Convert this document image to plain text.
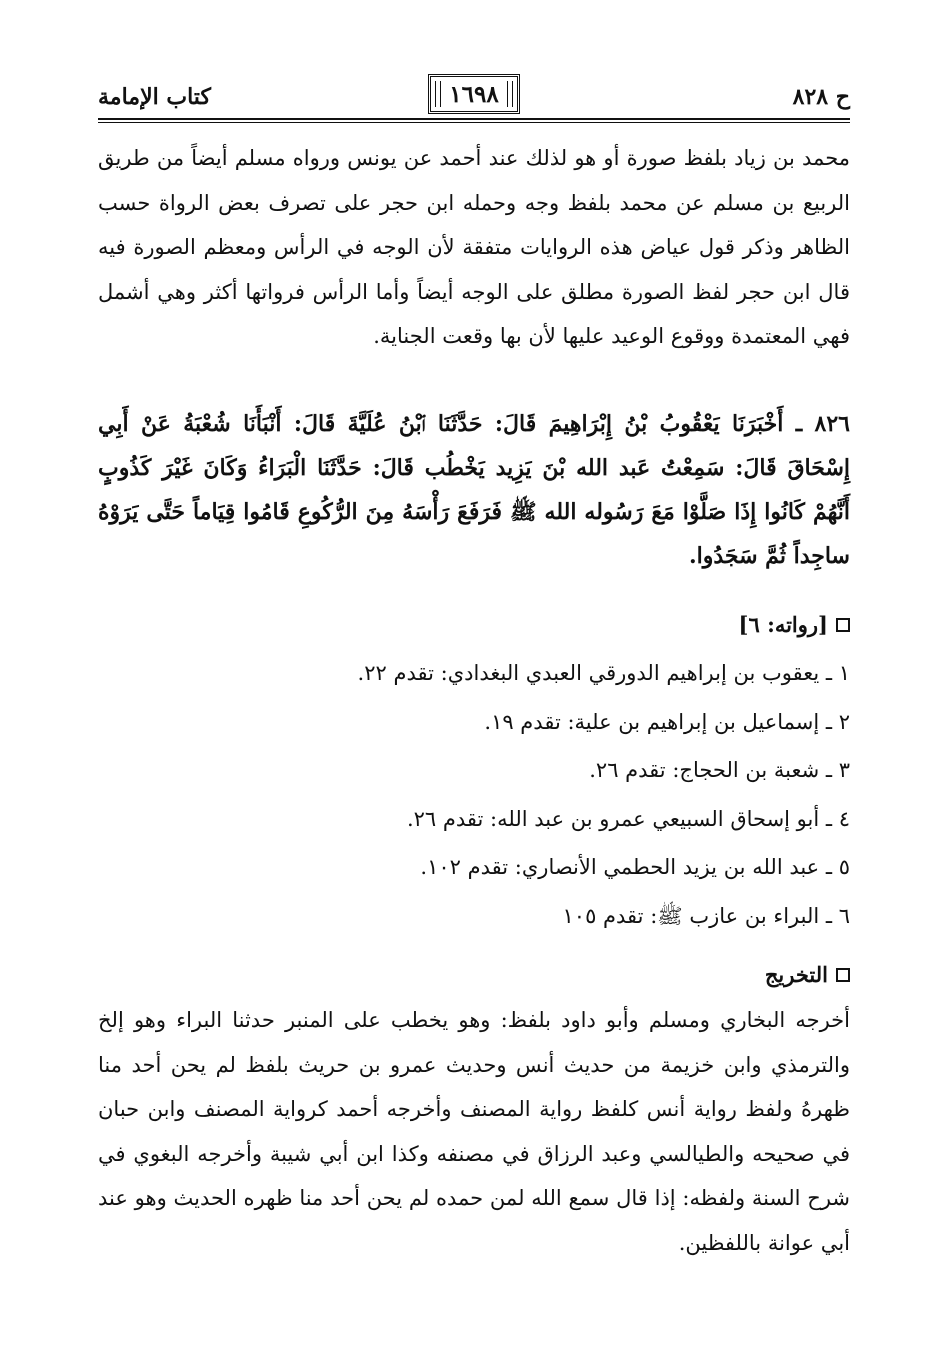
ح ٨٢٨
١٦٩٨
كتاب الإمامة

محمد بن زياد بلفظ صورة أو هو لذلك عند أحمد عن يونس ورواه مسلم أيضاً من طريق الربيع بن مسلم عن محمد بلفظ وجه وحمله ابن حجر على تصرف بعض الرواة حسب الظاهر وذكر قول عياض هذه الروايات متفقة لأن الوجه في الرأس ومعظم الصورة فيه قال ابن حجر لفظ الصورة مطلق على الوجه أيضاً وأما الرأس فرواتها أكثر وهي أشمل فهي المعتمدة ووقوع الوعيد عليها لأن بها وقعت الجناية.

٨٢٦ ـ أَخْبَرَنَا يَعْقُوبُ بْنُ إِبْرَاهِيمَ قَالَ: حَدَّثَنَا ٱبْنُ عُلَيَّةَ قَالَ: أَنْبَأَنَا شُعْبَةُ عَنْ أَبِي إِسْحَاقَ قَالَ: سَمِعْتُ عَبد الله بْنَ يَزِيد يَخْطُب قَالَ: حَدَّثَنَا الْبَرَاءُ وَكَانَ غَيْرَ كَذُوبٍ أَنَّهُمْ كَانُوا إِذَا صَلَّوْا مَعَ رَسُوله الله ﷺ فَرَفَعَ رَأْسَهُ مِنَ الرُّكُوعِ قَامُوا قِيَاماً حَتَّى يَرَوْهُ ساجِداً ثُمَّ سَجَدُوا.

[رواته: ٦]
١ ـ يعقوب بن إبراهيم الدورقي العبدي البغدادي: تقدم ٢٢.
٢ ـ إسماعيل بن إبراهيم بن علية: تقدم ١٩.
٣ ـ شعبة بن الحجاج: تقدم ٢٦.
٤ ـ أبو إسحاق السبيعي عمرو بن عبد الله: تقدم ٢٦.
٥ ـ عبد الله بن يزيد الحطمي الأنصاري: تقدم ١٠٢.
٦ ـ البراء بن عازب ﷺ: تقدم ١٠٥
التخريج

أخرجه البخاري ومسلم وأبو داود بلفظ: وهو يخطب على المنبر حدثنا البراء وهو إلخ والترمذي وابن خزيمة من حديث أنس وحديث عمرو بن حريث بلفظ لم يحن أحد منا ظهرهُ ولفظ رواية أنس كلفظ رواية المصنف وأخرجه أحمد كرواية المصنف وابن حبان في صحيحه والطيالسي وعبد الرزاق في مصنفه وكذا ابن أبي شيبة وأخرجه البغوي في شرح السنة ولفظه: إذا قال سمع الله لمن حمده لم يحن أحد منا ظهره الحديث وهو عند أبي عوانة باللفظين.
